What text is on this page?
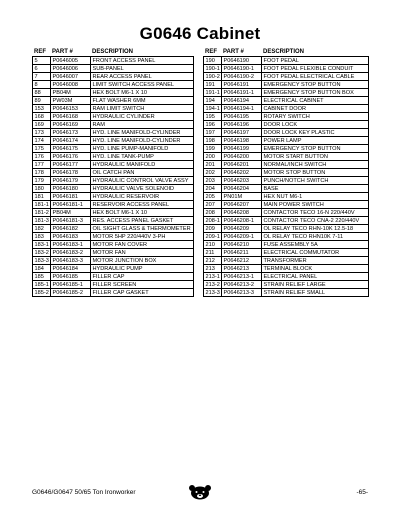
G0646 Cabinet
REF	PART #	DESCRIPTION
5	P0646005	FRONT ACCESS PANEL
6	P0646006	SUB-PANEL
7	P0646007	REAR ACCESS PANEL
8	P0646008	LIMIT SWITCH ACCESS PANEL
88	PB04M	HEX BOLT M6-1 X 10
89	PW03M	FLAT WASHER 6MM
153	P0646153	RAM LIMIT SWITCH
168	P0646168	HYDRAULIC CYLINDER
169	P0646169	RAM
173	P0646173	HYD. LINE MANIFOLD-CYLINDER
174	P0646174	HYD. LINE MANIFOLD-CYLINDER
175	P0646175	HYD. LINE PUMP-MANIFOLD
176	P0646176	HYD. LINE TANK-PUMP
177	P0646177	HYDRAULIC MANIFOLD
178	P0646178	OIL CATCH PAN
179	P0646179	HYDRAULIC CONTROL VALVE ASSY
180	P0646180	HYDRAULIC VALVE SOLENOID
181	P0646181	HYDRAULIC RESERVOIR
181-1	P0646181-1	RESERVOIR ACCESS PANEL
181-2	PB04M	HEX BOLT M6-1 X 10
181-3	P0646181-3	RES. ACCESS PANEL GASKET
182	P0646182	OIL SIGHT GLASS & THERMOMETER
183	P0646183	MOTOR 5HP 220/440V 3-PH
183-1	P0646183-1	MOTOR FAN COVER
183-2	P0646183-2	MOTOR FAN
183-3	P0646183-3	MOTOR JUNCTION BOX
184	P0646184	HYDRAULIC PUMP
185	P0646185	FILLER CAP
185-1	P0646185-1	FILLER SCREEN
185-2	P0646185-2	FILLER CAP GASKET
REF	PART #	DESCRIPTION
190	P0646190	FOOT PEDAL
190-1	P0646190-1	FOOT PEDAL FLEXIBLE CONDUIT
190-2	P0646190-2	FOOT PEDAL ELECTRICAL CABLE
191	P0646191	EMERGENCY STOP BUTTON
191-1	P0646191-1	EMERGENCY STOP BUTTON BOX
194	P0646194	ELECTRICAL CABINET
194-1	P0646194-1	CABINET DOOR
195	P0646195	ROTARY SWITCH
196	P0646196	DOOR LOCK
197	P0646197	DOOR LOCK KEY PLASTIC
198	P0646198	POWER LAMP
199	P0646199	EMERGENCY STOP BUTTON
200	P0646200	MOTOR START BUTTON
201	P0646201	NORMAL/INCH SWITCH
202	P0646202	MOTOR STOP BUTTON
203	P0646203	PUNCH/NOTCH SWITCH
204	P0646204	BASE
205	PN01M	HEX NUT M6-1
207	P0646207	MAIN POWER SWITCH
208	P0646208	CONTACTOR TECO 16-N 220/440V
208-1	P0646208-1	CONTACTOR TECO CNA-2 220/440V
209	P0646209	OL RELAY TECO RHN-10K 12.5-18
209-1	P0646209-1	OL RELAY TECO RHN10K 7-11
210	P0646210	FUSE ASSEMBLY 5A
211	P0646211	ELECTRICAL COMMUTATOR
212	P0646212	TRANSFORMER
213	P0646213	TERMINAL BLOCK
213-1	P0646213-1	ELECTRICAL PANEL
213-2	P0646213-2	STRAIN RELIEF LARGE
213-3	P0646213-3	STRAIN RELIEF SMALL
G0646/G0647 50/65 Ton Ironworker	-65-
